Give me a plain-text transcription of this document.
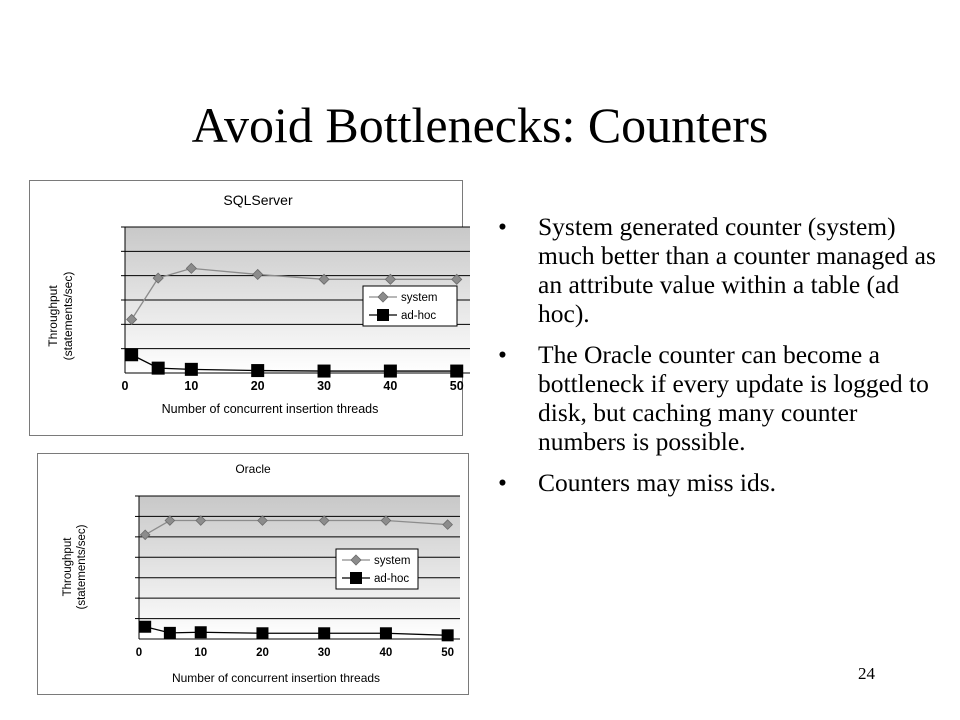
Avoid Bottlenecks: Counters
SQLServer
Throughput (statements/sec)
Number of concurrent insertion threads
0	10	20	30	40	50
system
ad-hoc
Oracle
Throughput (statements/sec)
Number of concurrent insertion threads
0	10	20	30	40	50
system
ad-hoc
• System generated counter (system) much better than a counter managed as an attribute value within a table (ad hoc).
• The Oracle counter can become a bottleneck if every update is logged to disk, but caching many counter numbers is possible.
• Counters may miss ids.
24
